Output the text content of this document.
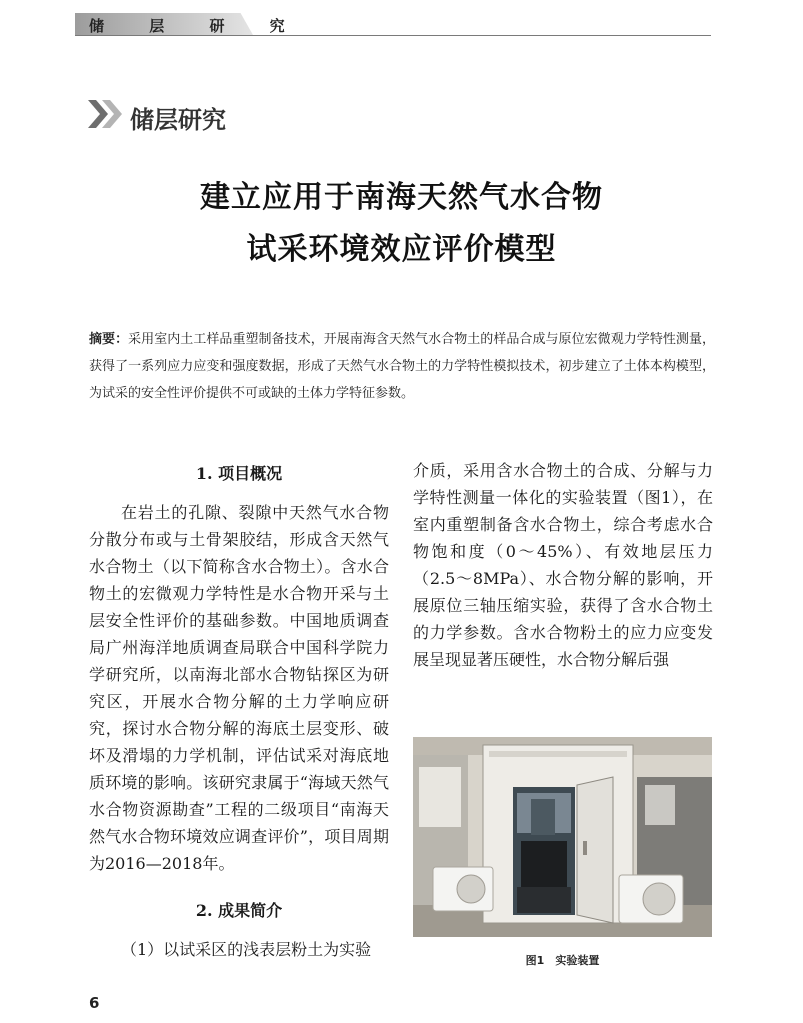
储 层 研 究
储层研究
建立应用于南海天然气水合物
试采环境效应评价模型
摘要：采用室内土工样品重塑制备技术，开展南海含天然气水合物土的样品合成与原位宏微观力学特性测量，获得了一系列应力应变和强度数据，形成了天然气水合物土的力学特性模拟技术，初步建立了土体本构模型，为试采的安全性评价提供不可或缺的土体力学特征参数。
1. 项目概况

在岩土的孔隙、裂隙中天然气水合物分散分布或与土骨架胶结，形成含天然气水合物土（以下简称含水合物土）。含水合物土的宏微观力学特性是水合物开采与土层安全性评价的基础参数。中国地质调查局广州海洋地质调查局联合中国科学院力学研究所，以南海北部水合物钻探区为研究区，开展水合物分解的土力学响应研究，探讨水合物分解的海底土层变形、破坏及滑塌的力学机制，评估试采对海底地质环境的影响。该研究隶属于“海域天然气水合物资源勘查”工程的二级项目“南海天然气水合物环境效应调查评价”，项目周期为2016—2018年。

2. 成果简介

（1）以试采区的浅表层粉土为实验

介质，采用含水合物土的合成、分解与力学特性测量一体化的实验装置（图1），在室内重塑制备含水合物土，综合考虑水合物饱和度（0～45%）、有效地层压力（2.5～8MPa）、水合物分解的影响，开展原位三轴压缩实验，获得了含水合物土的力学参数。含水合物粉土的应力应变发展呈现显著压硬性，水合物分解后强

图1　实验装置
6
